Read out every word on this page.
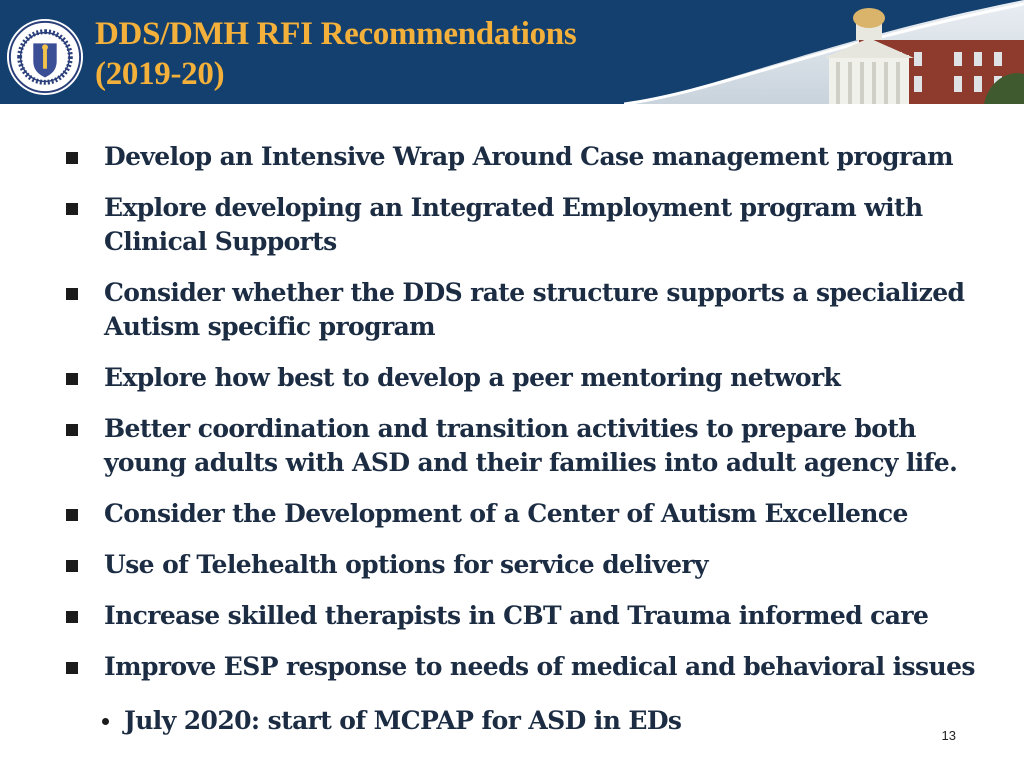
DDS/DMH RFI Recommendations
(2019-20)
Develop an Intensive Wrap Around Case management program
Explore developing an Integrated Employment program with Clinical Supports
Consider whether the DDS rate structure supports a specialized Autism specific program
Explore how best to develop a peer mentoring network
Better coordination and transition activities to prepare both young adults with ASD and their families into adult agency life.
Consider the Development of a Center of Autism Excellence
Use of Telehealth options for service delivery
Increase skilled therapists in CBT and Trauma informed care
Improve ESP response to needs of medical and behavioral issues
July 2020: start of MCPAP for ASD in EDs
13
